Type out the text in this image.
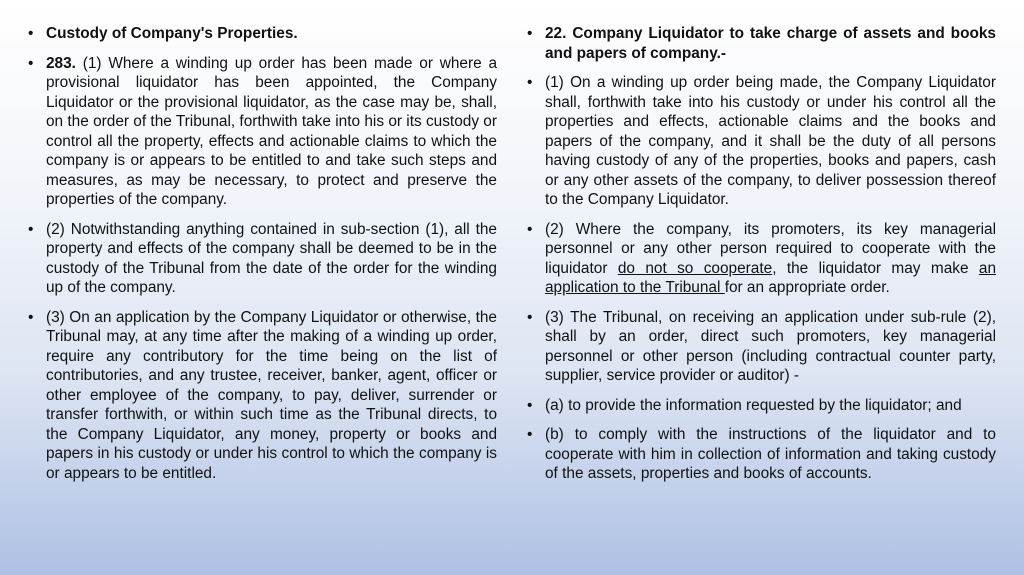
• Custody of Company's Properties.
• 283. (1) Where a winding up order has been made or where a provisional liquidator has been appointed, the Company Liquidator or the provisional liquidator, as the case may be, shall, on the order of the Tribunal, forthwith take into his or its custody or control all the property, effects and actionable claims to which the company is or appears to be entitled to and take such steps and measures, as may be necessary, to protect and preserve the properties of the company.
• (2) Notwithstanding anything contained in sub-section (1), all the property and effects of the company shall be deemed to be in the custody of the Tribunal from the date of the order for the winding up of the company.
• (3) On an application by the Company Liquidator or otherwise, the Tribunal may, at any time after the making of a winding up order, require any contributory for the time being on the list of contributories, and any trustee, receiver, banker, agent, officer or other employee of the company, to pay, deliver, surrender or transfer forthwith, or within such time as the Tribunal directs, to the Company Liquidator, any money, property or books and papers in his custody or under his control to which the company is or appears to be entitled.
• 22. Company Liquidator to take charge of assets and books and papers of company.-
• (1) On a winding up order being made, the Company Liquidator shall, forthwith take into his custody or under his control all the properties and effects, actionable claims and the books and papers of the company, and it shall be the duty of all persons having custody of any of the properties, books and papers, cash or any other assets of the company, to deliver possession thereof to the Company Liquidator.
• (2) Where the company, its promoters, its key managerial personnel or any other person required to cooperate with the liquidator do not so cooperate, the liquidator may make an application to the Tribunal for an appropriate order.
• (3) The Tribunal, on receiving an application under sub-rule (2), shall by an order, direct such promoters, key managerial personnel or other person (including contractual counter party, supplier, service provider or auditor) -
• (a) to provide the information requested by the liquidator; and
• (b) to comply with the instructions of the liquidator and to cooperate with him in collection of information and taking custody of the assets, properties and books of accounts.
